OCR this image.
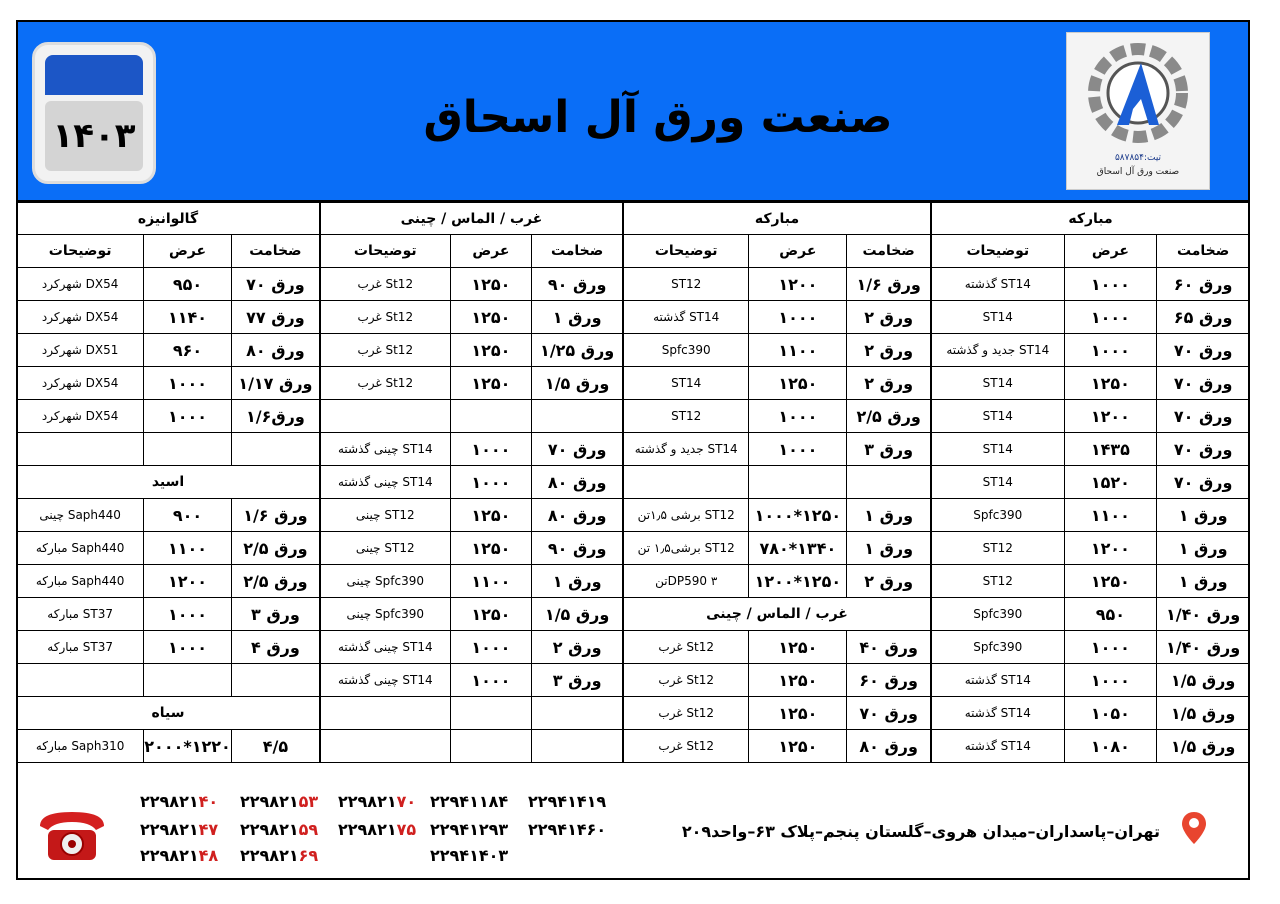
۱۴۰۳	صنعت ورق آل اسحاق
تیت:۵۸۷۸۵۴
صنعت ورق آل اسحاق
مبارکه		
ضخامت	عرض	توضیحات
ورق ۶۰	۱۰۰۰	ST14 گذشته
ورق ۶۵	۱۰۰۰	ST14
ورق ۷۰	۱۰۰۰	ST14 جدید و گذشته
ورق ۷۰	۱۲۵۰	ST14
ورق ۷۰	۱۲۰۰	ST14
ورق ۷۰	۱۴۳۵	ST14
ورق ۷۰	۱۵۲۰	ST14
ورق ۱	۱۱۰۰	Spfc390
ورق ۱	۱۲۰۰	ST12
ورق ۱	۱۲۵۰	ST12
ورق ۱/۴۰	۹۵۰	Spfc390
ورق ۱/۴۰	۱۰۰۰	Spfc390
ورق ۱/۵	۱۰۰۰	ST14 گذشته
ورق ۱/۵	۱۰۵۰	ST14 گذشته
ورق ۱/۵	۱۰۸۰	ST14 گذشته
مبارکه		
ضخامت	عرض	توضیحات
ورق ۱/۶	۱۲۰۰	ST12
ورق ۲	۱۰۰۰	ST14 گذشته
ورق ۲	۱۱۰۰	Spfc390
ورق ۲	۱۲۵۰	ST14
ورق ۲/۵	۱۰۰۰	ST12
ورق ۳	۱۰۰۰	ST14 جدید و گذشته

ورق ۱	۱۲۵۰*۱۰۰۰	ST12 برشی ۱٫۵تن
ورق ۱	۱۳۴۰*۷۸۰	ST12 برشی۱٫۵ تن
ورق ۲	۱۲۵۰*۱۲۰۰	DP590 ۳تن
غرب / الماس / چینی		
ورق ۴۰	۱۲۵۰	St12 غرب
ورق ۶۰	۱۲۵۰	St12 غرب
ورق ۷۰	۱۲۵۰	St12 غرب
ورق ۸۰	۱۲۵۰	St12 غرب
غرب / الماس / چینی		
ضخامت	عرض	توضیحات
ورق ۹۰	۱۲۵۰	St12 غرب
ورق ۱	۱۲۵۰	St12 غرب
ورق ۱/۲۵	۱۲۵۰	St12 غرب
ورق ۱/۵	۱۲۵۰	St12 غرب

ورق ۷۰	۱۰۰۰	ST14 چینی گذشته
ورق ۸۰	۱۰۰۰	ST14 چینی گذشته
ورق ۸۰	۱۲۵۰	ST12 چینی
ورق ۹۰	۱۲۵۰	ST12 چینی
ورق ۱	۱۱۰۰	Spfc390 چینی
ورق ۱/۵	۱۲۵۰	Spfc390 چینی
ورق ۲	۱۰۰۰	ST14 چینی گذشته
ورق ۳	۱۰۰۰	ST14 چینی گذشته

گالوانیزه		
ضخامت	عرض	توضیحات
ورق ۷۰	۹۵۰	DX54 شهرکرد
ورق ۷۷	۱۱۴۰	DX54 شهرکرد
ورق ۸۰	۹۶۰	DX51 شهرکرد
ورق ۱/۱۷	۱۰۰۰	DX54 شهرکرد
ورق۱/۶	۱۰۰۰	DX54 شهرکرد

اسید		
ورق ۱/۶	۹۰۰	Saph440 چینی
ورق ۲/۵	۱۱۰۰	Saph440 مبارکه
ورق ۲/۵	۱۲۰۰	Saph440 مبارکه
ورق ۳	۱۰۰۰	ST37 مبارکه
ورق ۴	۱۰۰۰	ST37 مبارکه

سیاه		
۴/۵	۱۲۲۰*۲۰۰۰	Saph310 مبارکه
۲۲۹۸۲۱۴۰
۲۲۹۸۲۱۴۷
۲۲۹۸۲۱۴۸
۲۲۹۸۲۱۵۳
۲۲۹۸۲۱۵۹
۲۲۹۸۲۱۶۹
۲۲۹۸۲۱۷۰
۲۲۹۸۲۱۷۵
۲۲۹۴۱۱۸۴
۲۲۹۴۱۲۹۳
۲۲۹۴۱۴۰۳
۲۲۹۴۱۴۱۹
۲۲۹۴۱۴۶۰	تهران–پاسداران–میدان هروی–گلستان پنجم–پلاک ۶۳–واحد۲۰۹
